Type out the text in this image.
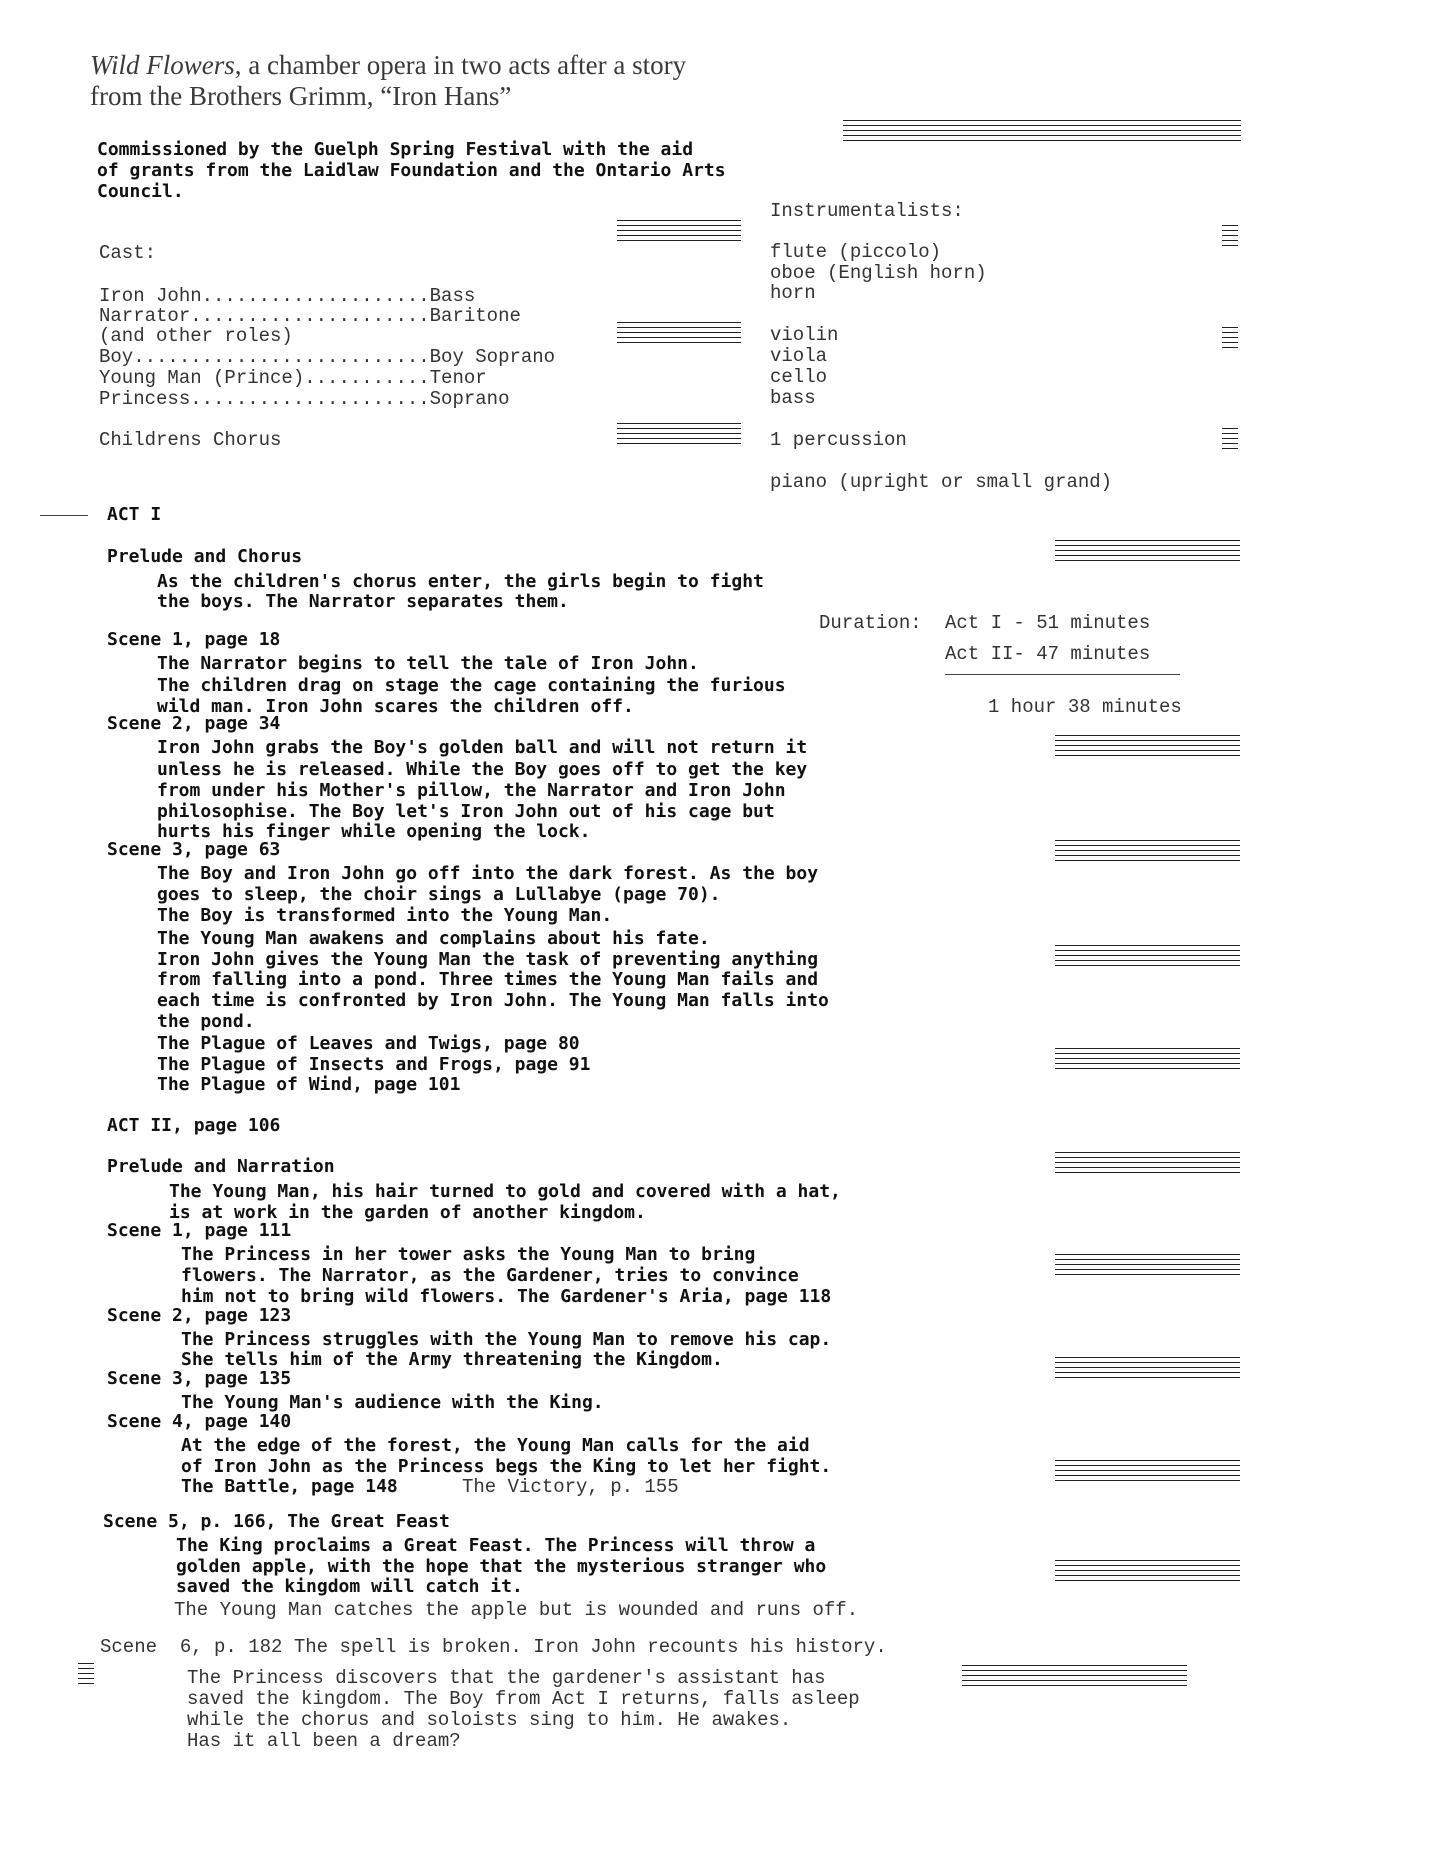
Wild Flowers, a chamber opera in two acts after a story
from the Brothers Grimm, “Iron Hans”
Commissioned by the Guelph Spring Festival with the aid
of grants from the Laidlaw Foundation and the Ontario Arts
Council.
Cast:
Iron John....................Bass
Narrator.....................Baritone
(and other roles)
Boy..........................Boy Soprano
Young Man (Prince)...........Tenor
Princess.....................Soprano
Childrens Chorus
Instrumentalists:
flute (piccolo)
oboe (English horn)
horn
violin
viola
cello
bass
1 percussion
piano (upright or small grand)
Duration: Act I - 51 minutes
Act II- 47 minutes
1 hour 38 minutes
ACT I
Prelude and Chorus
As the children's chorus enter, the girls begin to fight
the boys. The Narrator separates them.
Scene 1, page 18
The Narrator begins to tell the tale of Iron John.
The children drag on stage the cage containing the furious
wild man. Iron John scares the children off.
Scene 2, page 34
Iron John grabs the Boy's golden ball and will not return it
unless he is released. While the Boy goes off to get the key
from under his Mother's pillow, the Narrator and Iron John
philosophise. The Boy let's Iron John out of his cage but
hurts his finger while opening the lock.
Scene 3, page 63
The Boy and Iron John go off into the dark forest. As the boy
goes to sleep, the choir sings a Lullabye (page 70).
The Boy is transformed into the Young Man.
The Young Man awakens and complains about his fate.
Iron John gives the Young Man the task of preventing anything
from falling into a pond. Three times the Young Man fails and
each time is confronted by Iron John. The Young Man falls into
the pond.
The Plague of Leaves and Twigs, page 80
The Plague of Insects and Frogs, page 91
The Plague of Wind, page 101
ACT II, page 106
Prelude and Narration
The Young Man, his hair turned to gold and covered with a hat,
is at work in the garden of another kingdom.
Scene 1, page 111
The Princess in her tower asks the Young Man to bring
flowers. The Narrator, as the Gardener, tries to convince
him not to bring wild flowers. The Gardener's Aria, page 118
Scene 2, page 123
The Princess struggles with the Young Man to remove his cap.
She tells him of the Army threatening the Kingdom.
Scene 3, page 135
The Young Man's audience with the King.
Scene 4, page 140
At the edge of the forest, the Young Man calls for the aid
of Iron John as the Princess begs the King to let her fight.
The Battle, page 148	The Victory, p. 155
Scene 5, p. 166, The Great Feast
The King proclaims a Great Feast. The Princess will throw a
golden apple, with the hope that the mysterious stranger who
saved the kingdom will catch it.
The Young Man catches the apple but is wounded and runs off.
Scene  6, p. 182 The spell is broken. Iron John recounts his history.
The Princess discovers that the gardener's assistant has
saved the kingdom. The Boy from Act I returns, falls asleep
while the chorus and soloists sing to him. He awakes.
Has it all been a dream?
